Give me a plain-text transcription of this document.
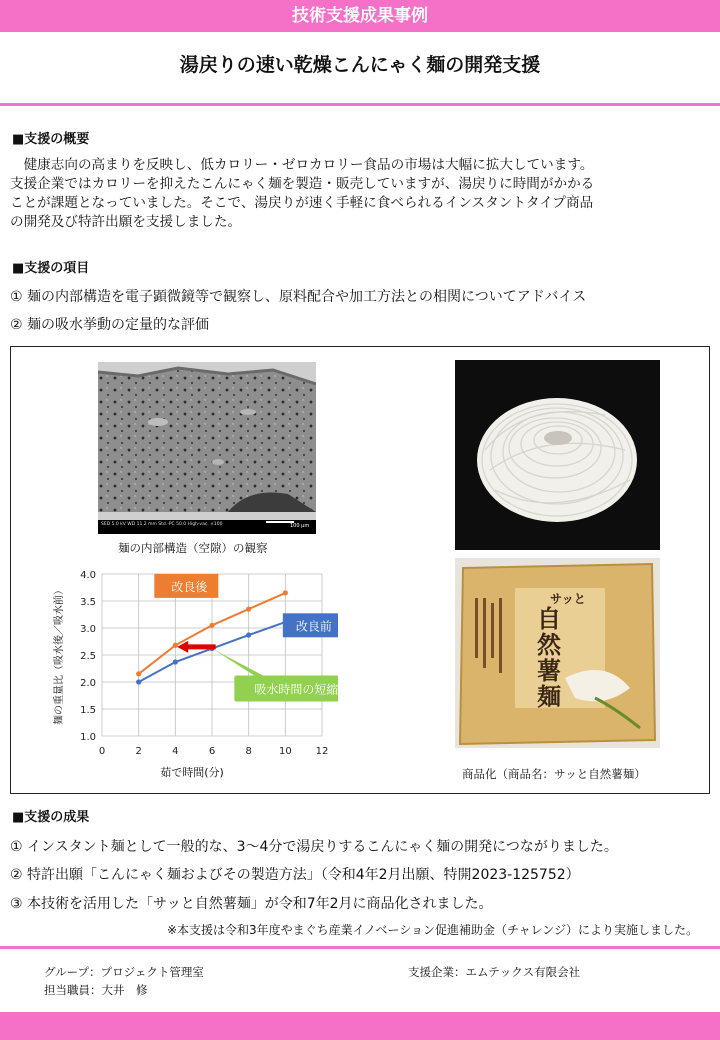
技術支援成果事例
湯戻りの速い乾燥こんにゃく麺の開発支援
■支援の概要
　健康志向の高まりを反映し、低カロリー・ゼロカロリー食品の市場は大幅に拡大しています。
支援企業ではカロリーを抑えたこんにゃく麺を製造・販売していますが、湯戻りに時間がかかる
ことが課題となっていました。そこで、湯戻りが速く手軽に食べられるインスタントタイプ商品
の開発及び特許出願を支援しました。
■支援の項目
① 麺の内部構造を電子顕微鏡等で観察し、原料配合や加工方法との相関についてアドバイス
② 麺の吸水挙動の定量的な評価
SED 5.0 kV WD 11.2 mm Std.-PC 50.0 High-vac. ×100	100 μm
麺の内部構造（空隙）の観察
1.0
1.5
2.0
2.5
3.0
3.5
4.0
0	2	4	6	8	10 12
茹で時間(分)
麺の重量比（吸水後／吸水前）	改良後
改良前
吸水時間の短縮
サッと
自然薯麺
商品化（商品名：サッと自然薯麺）
■支援の成果
① インスタント麺として一般的な、3～4分で湯戻りするこんにゃく麺の開発につながりました。
② 特許出願「こんにゃく麺およびその製造方法」（令和4年2月出願、特開2023-125752）
③ 本技術を活用した「サッと自然薯麺」が令和7年2月に商品化されました。
※本支援は令和3年度やまぐち産業イノベーション促進補助金（チャレンジ）により実施しました。
グループ：プロジェクト管理室
担当職員：大井　修
支援企業：エムテックス有限会社
